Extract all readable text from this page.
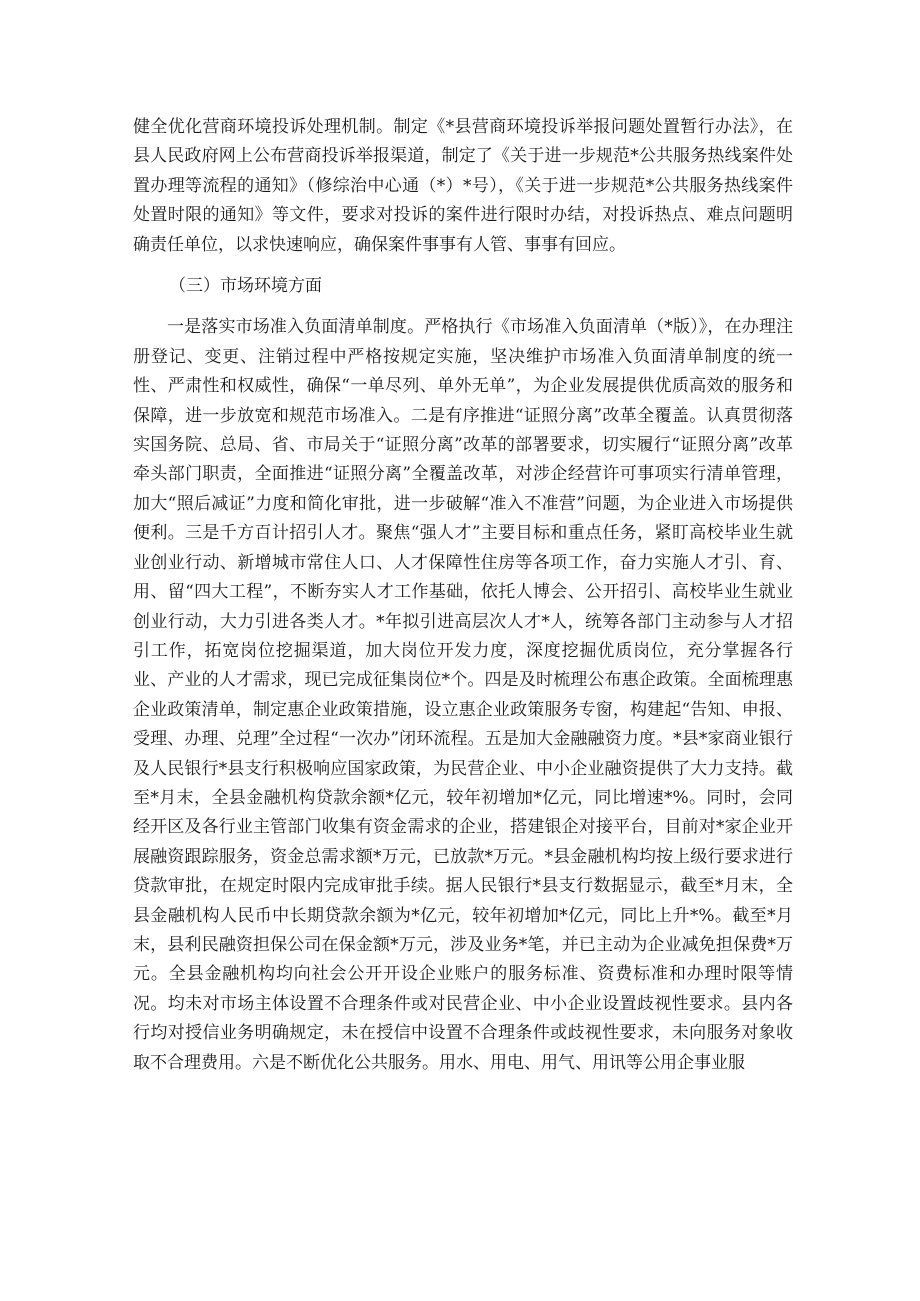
健全优化营商环境投诉处理机制。制定《*县营商环境投诉举报问题处置暂行办法》，在县人民政府网上公布营商投诉举报渠道，制定了《关于进一步规范*公共服务热线案件处置办理等流程的通知》（修综治中心通（*）*号），《关于进一步规范*公共服务热线案件处置时限的通知》等文件，要求对投诉的案件进行限时办结，对投诉热点、难点问题明确责任单位，以求快速响应，确保案件事事有人管、事事有回应。

（三）市场环境方面

一是落实市场准入负面清单制度。严格执行《市场准入负面清单（*版）》，在办理注册登记、变更、注销过程中严格按规定实施，坚决维护市场准入负面清单制度的统一性、严肃性和权威性，确保“一单尽列、单外无单”，为企业发展提供优质高效的服务和保障，进一步放宽和规范市场准入。二是有序推进“证照分离”改革全覆盖。认真贯彻落实国务院、总局、省、市局关于“证照分离”改革的部署要求，切实履行“证照分离”改革牵头部门职责，全面推进“证照分离”全覆盖改革，对涉企经营许可事项实行清单管理，加大“照后减证”力度和简化审批，进一步破解“准入不准营”问题，为企业进入市场提供便利。三是千方百计招引人才。聚焦“强人才”主要目标和重点任务，紧盯高校毕业生就业创业行动、新增城市常住人口、人才保障性住房等各项工作，奋力实施人才引、育、用、留“四大工程”，不断夯实人才工作基础，依托人博会、公开招引、高校毕业生就业创业行动，大力引进各类人才。*年拟引进高层次人才*人，统筹各部门主动参与人才招引工作，拓宽岗位挖掘渠道，加大岗位开发力度，深度挖掘优质岗位，充分掌握各行业、产业的人才需求，现已完成征集岗位*个。四是及时梳理公布惠企政策。全面梳理惠企业政策清单，制定惠企业政策措施，设立惠企业政策服务专窗，构建起“告知、申报、受理、办理、兑理”全过程“一次办”闭环流程。五是加大金融融资力度。*县*家商业银行及人民银行*县支行积极响应国家政策，为民营企业、中小企业融资提供了大力支持。截至*月末，全县金融机构贷款余额*亿元，较年初增加*亿元，同比增速*%。同时，会同经开区及各行业主管部门收集有资金需求的企业，搭建银企对接平台，目前对*家企业开展融资跟踪服务，资金总需求额*万元，已放款*万元。*县金融机构均按上级行要求进行贷款审批，在规定时限内完成审批手续。据人民银行*县支行数据显示，截至*月末，全县金融机构人民币中长期贷款余额为*亿元，较年初增加*亿元，同比上升*%。截至*月末，县利民融资担保公司在保金额*万元，涉及业务*笔，并已主动为企业减免担保费*万元。全县金融机构均向社会公开开设企业账户的服务标准、资费标准和办理时限等情况。均未对市场主体设置不合理条件或对民营企业、中小企业设置歧视性要求。县内各行均对授信业务明确规定，未在授信中设置不合理条件或歧视性要求，未向服务对象收取不合理费用。六是不断优化公共服务。用水、用电、用气、用讯等公用企事业服
